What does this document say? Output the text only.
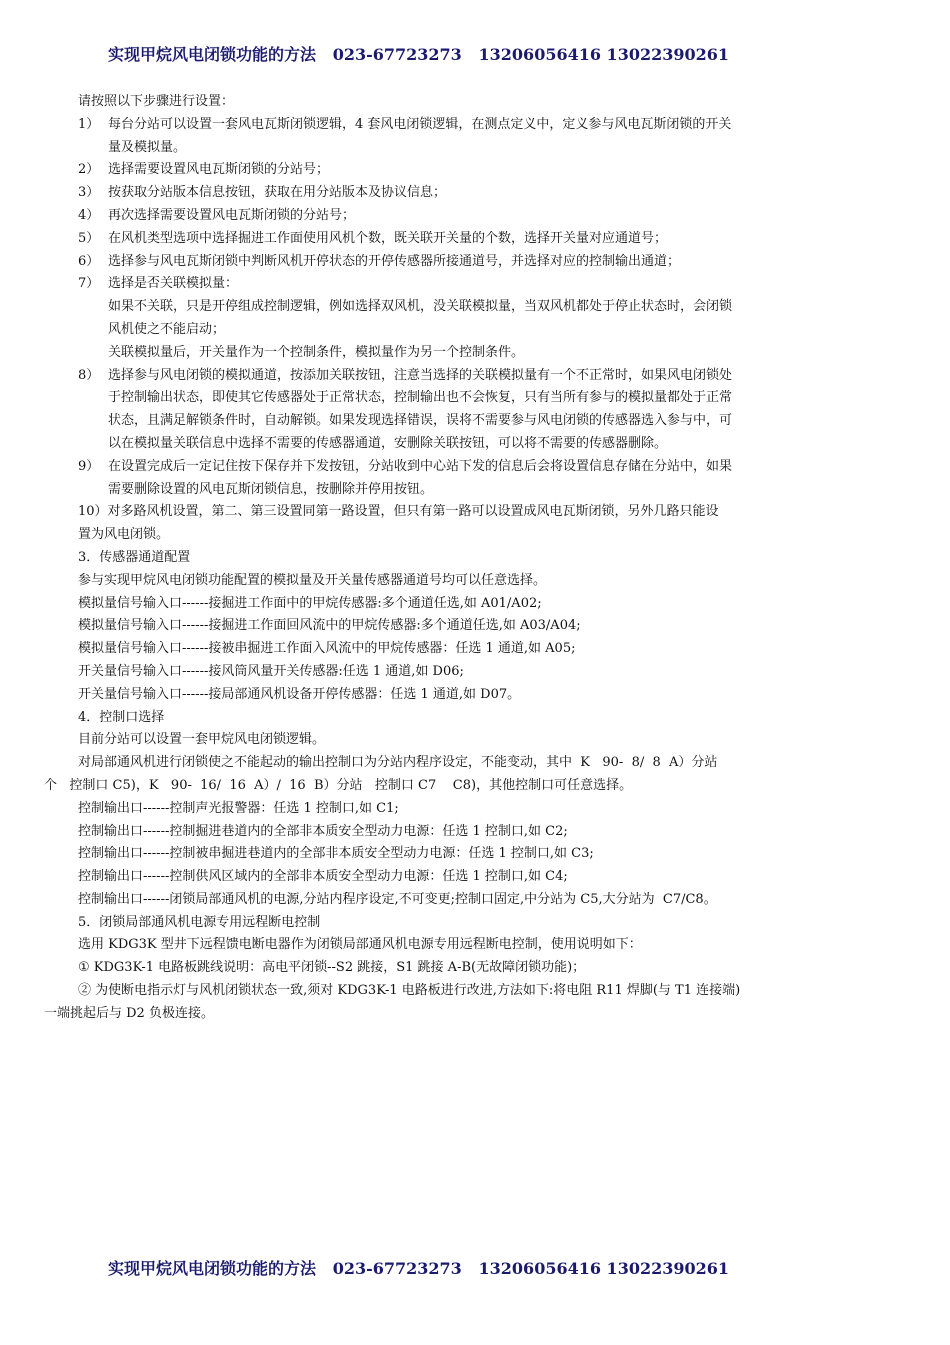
实现甲烷风电闭锁功能的方法   023-67723273   13206056416 13022390261
请按照以下步骤进行设置：
1） 每台分站可以设置一套风电瓦斯闭锁逻辑，4 套风电闭锁逻辑，在测点定义中，定义参与风电瓦斯闭锁的开关
量及模拟量。
2） 选择需要设置风电瓦斯闭锁的分站号；
3） 按获取分站版本信息按钮，获取在用分站版本及协议信息；
4） 再次选择需要设置风电瓦斯闭锁的分站号；
5） 在风机类型选项中选择掘进工作面使用风机个数，既关联开关量的个数，选择开关量对应通道号；
6） 选择参与风电瓦斯闭锁中判断风机开停状态的开停传感器所接通道号，并选择对应的控制输出通道；
7） 选择是否关联模拟量：
如果不关联，只是开停组成控制逻辑，例如选择双风机，没关联模拟量，当双风机都处于停止状态时，会闭锁
风机使之不能启动；
关联模拟量后，开关量作为一个控制条件，模拟量作为另一个控制条件。
8） 选择参与风电闭锁的模拟通道，按添加关联按钮，注意当选择的关联模拟量有一个不正常时，如果风电闭锁处
于控制输出状态，即使其它传感器处于正常状态，控制输出也不会恢复，只有当所有参与的模拟量都处于正常
状态，且满足解锁条件时，自动解锁。如果发现选择错误，误将不需要参与风电闭锁的传感器选入参与中，可
以在模拟量关联信息中选择不需要的传感器通道，安删除关联按钮，可以将不需要的传感器删除。
9） 在设置完成后一定记住按下保存并下发按钮，分站收到中心站下发的信息后会将设置信息存储在分站中，如果
需要删除设置的风电瓦斯闭锁信息，按删除并停用按钮。
10）对多路风机设置，第二、第三设置同第一路设置，但只有第一路可以设置成风电瓦斯闭锁，另外几路只能设
置为风电闭锁。
3．传感器通道配置
参与实现甲烷风电闭锁功能配置的模拟量及开关量传感器通道号均可以任意选择。
模拟量信号输入口------接掘进工作面中的甲烷传感器:多个通道任选,如 A01/A02;
模拟量信号输入口------接掘进工作面回风流中的甲烷传感器:多个通道任选,如 A03/A04;
模拟量信号输入口------接被串掘进工作面入风流中的甲烷传感器：任选 1 通道,如 A05;
开关量信号输入口------接风筒风量开关传感器:任选 1 通道,如 D06;
开关量信号输入口------接局部通风机设备开停传感器：任选 1 通道,如 D07。
4．控制口选择
目前分站可以设置一套甲烷风电闭锁逻辑。
对局部通风机进行闭锁使之不能起动的输出控制口为分站内程序设定，不能变动，其中  K   90-  8/  8  A）分站
个   控制口 C5)，K   90-  16/  16  A）/  16  B）分站   控制口 C7    C8)，其他控制口可任意选择。
控制输出口------控制声光报警器：任选 1 控制口,如 C1;
控制输出口------控制掘进巷道内的全部非本质安全型动力电源：任选 1 控制口,如 C2;
控制输出口------控制被串掘进巷道内的全部非本质安全型动力电源：任选 1 控制口,如 C3;
控制输出口------控制供风区域内的全部非本质安全型动力电源：任选 1 控制口,如 C4;
控制输出口------闭锁局部通风机的电源,分站内程序设定,不可变更;控制口固定,中分站为 C5,大分站为  C7/C8。
5．闭锁局部通风机电源专用远程断电控制
选用 KDG3K 型井下远程馈电断电器作为闭锁局部通风机电源专用远程断电控制，使用说明如下：
① KDG3K-1 电路板跳线说明：高电平闭锁--S2 跳接，S1 跳接 A-B(无故障闭锁功能)；
② 为使断电指示灯与风机闭锁状态一致,须对 KDG3K-1 电路板进行改进,方法如下:将电阻 R11 焊脚(与 T1 连接端)
一端挑起后与 D2 负极连接。
实现甲烷风电闭锁功能的方法   023-67723273   13206056416 13022390261
